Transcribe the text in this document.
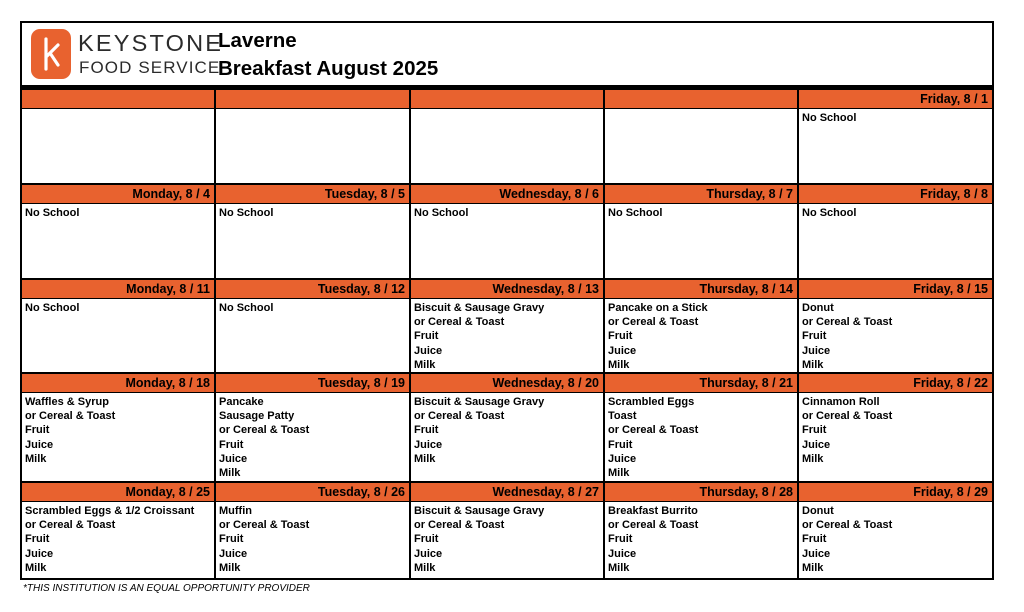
KEYSTONE
FOOD SERVICE
Laverne
Breakfast August 2025
Friday, 8 / 1
No School
Monday, 8 / 4
No School
Tuesday, 8 / 5
No School
Wednesday, 8 / 6
No School
Thursday, 8 / 7
No School
Friday, 8 / 8
No School
Monday, 8 / 11
No School
Tuesday, 8 / 12
No School
Wednesday, 8 / 13
Biscuit & Sausage Gravy
or Cereal & Toast
Fruit
Juice
Milk
Thursday, 8 / 14
Pancake on a Stick
or Cereal & Toast
Fruit
Juice
Milk
Friday, 8 / 15
Donut
or Cereal & Toast
Fruit
Juice
Milk
Monday, 8 / 18
Waffles & Syrup
or Cereal & Toast
Fruit
Juice
Milk
Tuesday, 8 / 19
Pancake
Sausage Patty
or Cereal & Toast
Fruit
Juice
Milk
Wednesday, 8 / 20
Biscuit & Sausage Gravy
or Cereal & Toast
Fruit
Juice
Milk
Thursday, 8 / 21
Scrambled Eggs
Toast
or Cereal & Toast
Fruit
Juice
Milk
Friday, 8 / 22
Cinnamon Roll
or Cereal & Toast
Fruit
Juice
Milk
Monday, 8 / 25
Scrambled Eggs & 1/2 Croissant
or Cereal & Toast
Fruit
Juice
Milk
Tuesday, 8 / 26
Muffin
or Cereal & Toast
Fruit
Juice
Milk
Wednesday, 8 / 27
Biscuit & Sausage Gravy
or Cereal & Toast
Fruit
Juice
Milk
Thursday, 8 / 28
Breakfast Burrito
or Cereal & Toast
Fruit
Juice
Milk
Friday, 8 / 29
Donut
or Cereal & Toast
Fruit
Juice
Milk
*THIS INSTITUTION IS AN EQUAL OPPORTUNITY PROVIDER
